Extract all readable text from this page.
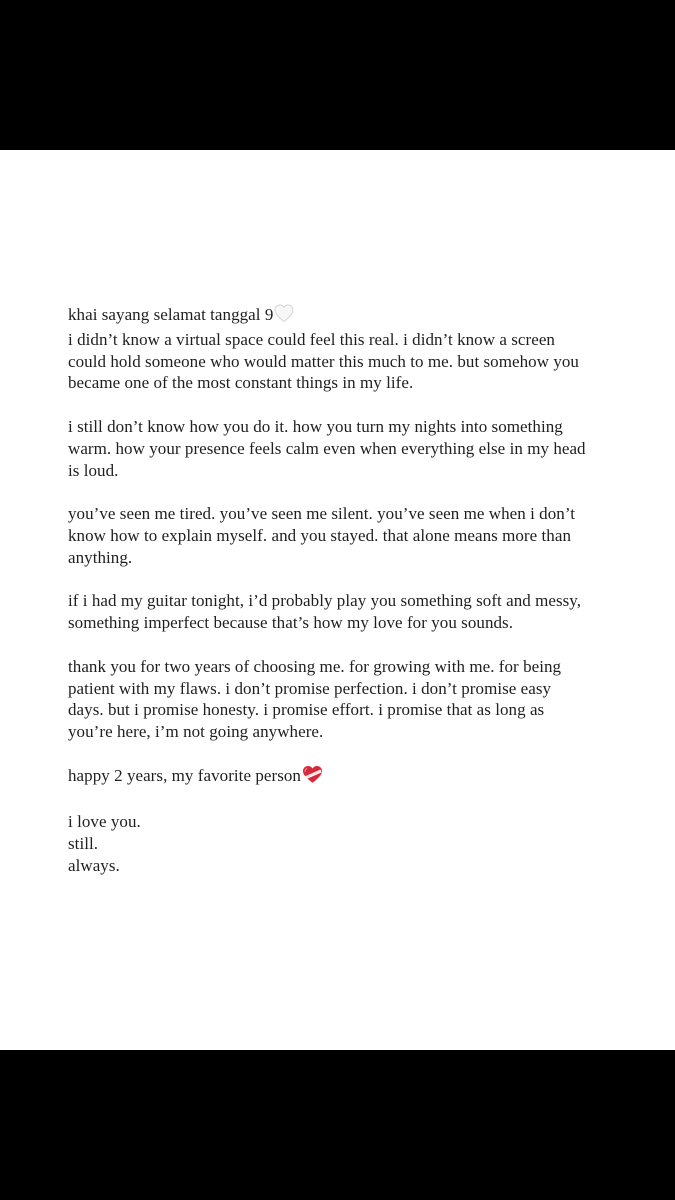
khai sayang selamat tanggal 9
i didn’t know a virtual space could feel this real. i didn’t know a screen
could hold someone who would matter this much to me. but somehow you
became one of the most constant things in my life.
i still don’t know how you do it. how you turn my nights into something
warm. how your presence feels calm even when everything else in my head
is loud.
you’ve seen me tired. you’ve seen me silent. you’ve seen me when i don’t
know how to explain myself. and you stayed. that alone means more than
anything.
if i had my guitar tonight, i’d probably play you something soft and messy,
something imperfect because that’s how my love for you sounds.
thank you for two years of choosing me. for growing with me. for being
patient with my flaws. i don’t promise perfection. i don’t promise easy
days. but i promise honesty. i promise effort. i promise that as long as
you’re here, i’m not going anywhere.
happy 2 years, my favorite person
i love you.
still.
always.
